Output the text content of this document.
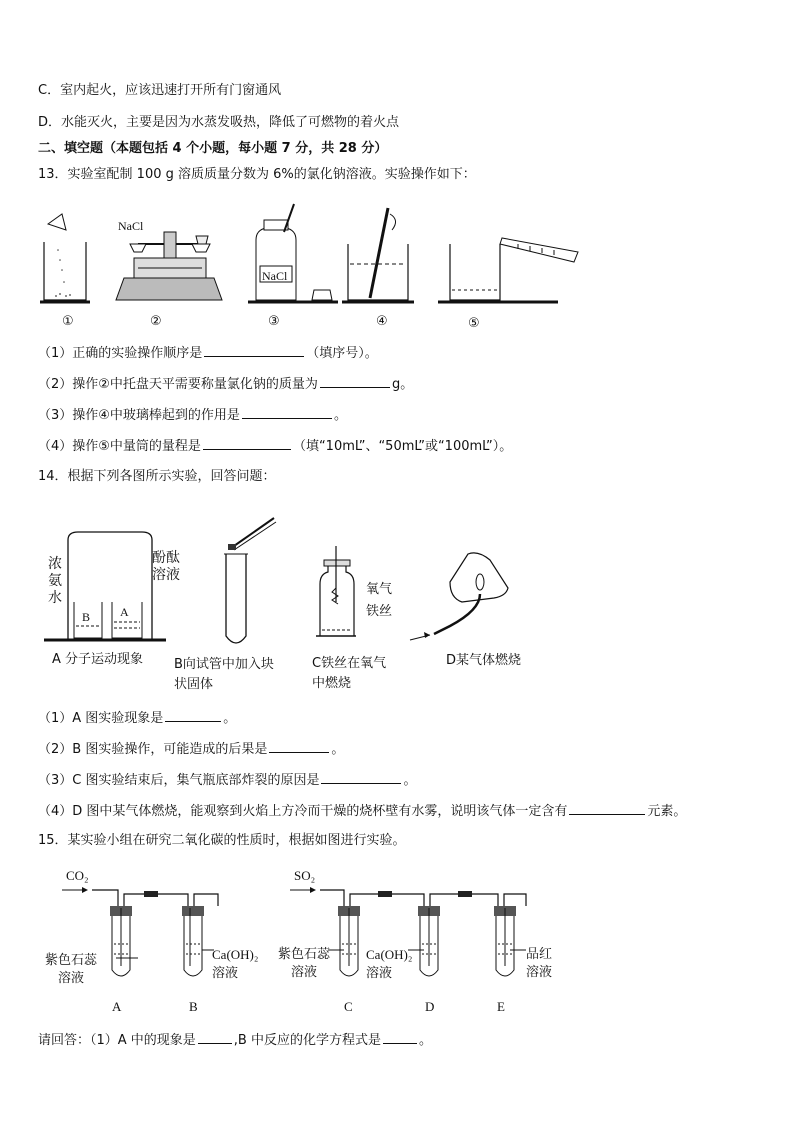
C．室内起火，应该迅速打开所有门窗通风
D．水能灭火，主要是因为水蒸发吸热，降低了可燃物的着火点
二、填空题（本题包括 4 个小题，每小题 7 分，共 28 分）
13．实验室配制 100 g 溶质质量分数为 6%的氯化钠溶液。实验操作如下：
NaCl
NaCl
①	②	③	④	⑤
（1）正确的实验操作顺序是	（填序号）。
（2）操作②中托盘天平需要称量氯化钠的质量为	g。
（3）操作④中玻璃棒起到的作用是	。
（4）操作⑤中量筒的量程是	（填“10mL”、“50mL”或“100mL”）。
14．根据下列各图所示实验，回答问题：
浓氨水
酚酞溶液
B A
A 分子运动现象 B向试管中加入块状固体
氧气
铁丝
C铁丝在氧气中燃烧
D某气体燃烧
（1）A 图实验现象是	。
（2）B 图实验操作，可能造成的后果是	。
（3）C 图实验结束后，集气瓶底部炸裂的原因是	。
（4）D 图中某气体燃烧，能观察到火焰上方冷而干燥的烧杯壁有水雾，说明该气体一定含有	元素。
15．某实验小组在研究二氧化碳的性质时，根据如图进行实验。
CO₂	SO₂
紫色石蕊溶液
Ca(OH)₂溶液
紫色石蕊溶液
Ca(OH)₂溶液
品红溶液
A	B	C	D	E
请回答：（1）A 中的现象是	,B 中反应的化学方程式是	。
